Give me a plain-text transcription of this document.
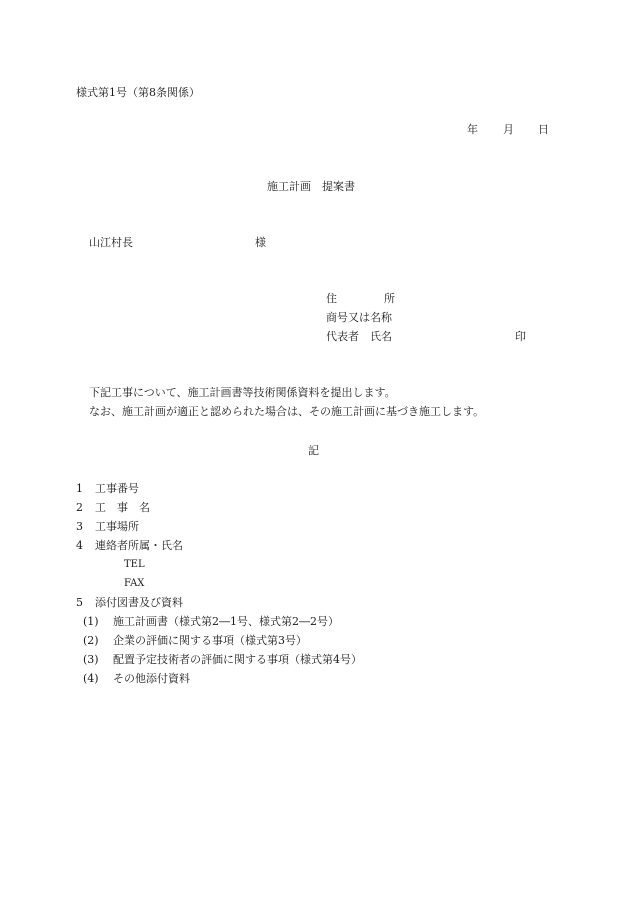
様式第1号（第8条関係）
年 月 日
施工計画　提案書
山江村長	様
住	所
商号又は名称
代表者　氏名	印
下記工事について、施工計画書等技術関係資料を提出します。
なお、施工計画が適正と認められた場合は、その施工計画に基づき施工します。
記
1 工事番号
2 工　事　名
3 工事場所
4 連絡者所属・氏名
TEL
FAX
5 添付図書及び資料
(1) 施工計画書（様式第2―1号、様式第2―2号）
(2) 企業の評価に関する事項（様式第3号）
(3) 配置予定技術者の評価に関する事項（様式第4号）
(4) その他添付資料
